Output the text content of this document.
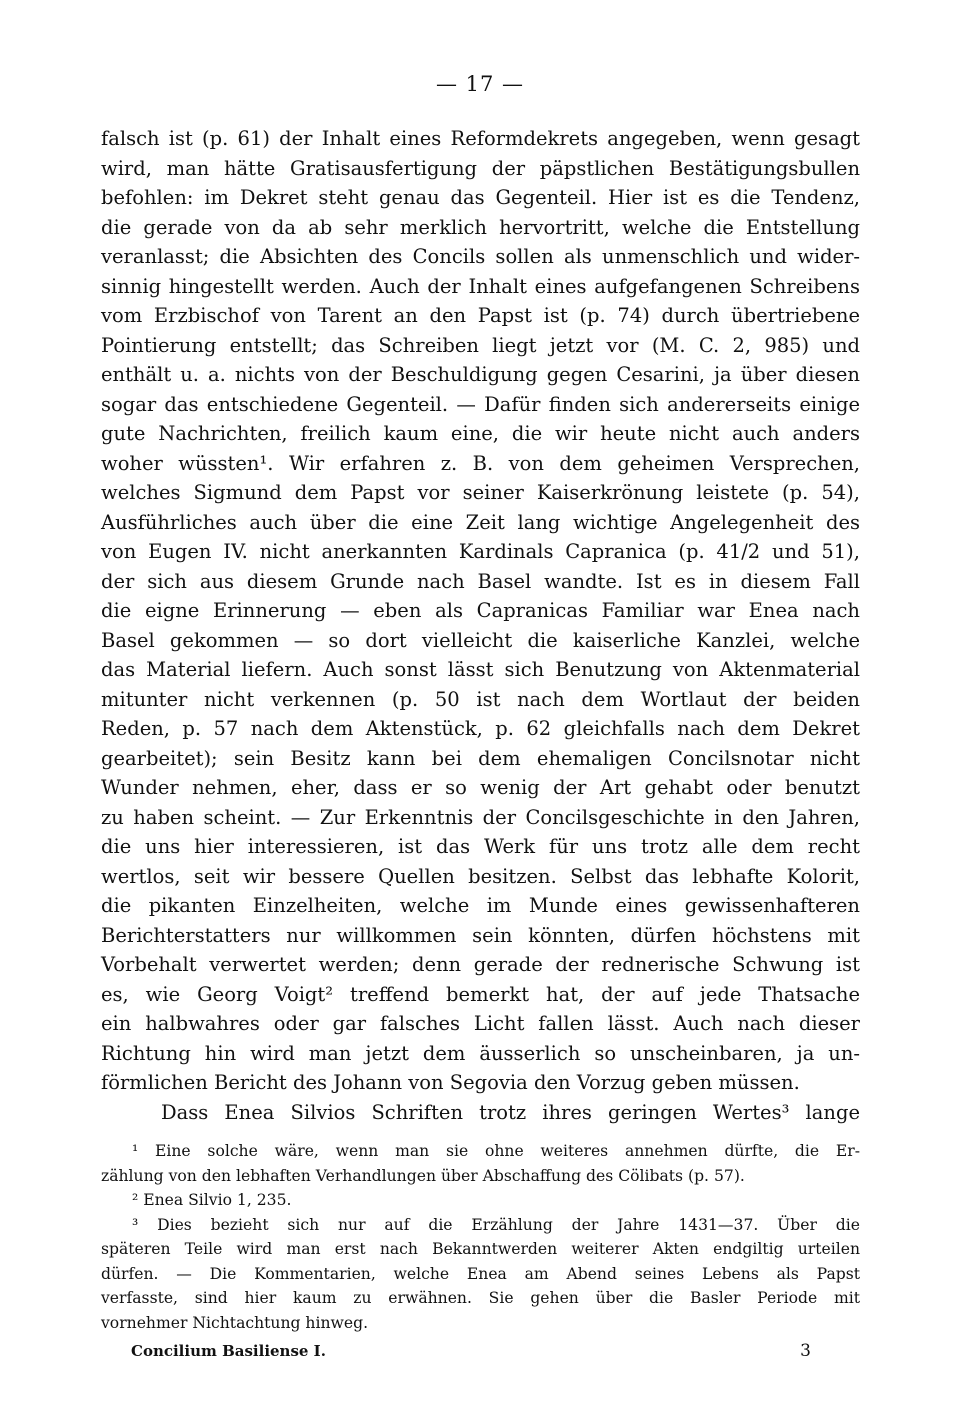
— 17 —
falsch ist (p. 61) der Inhalt eines Reformdekrets angegeben, wenn gesagt
wird, man hätte Gratisausfertigung der päpstlichen Bestätigungsbullen
befohlen: im Dekret steht genau das Gegenteil. Hier ist es die Tendenz,
die gerade von da ab sehr merklich hervortritt, welche die Entstellung
veranlasst; die Absichten des Concils sollen als unmenschlich und wider-
sinnig hingestellt werden. Auch der Inhalt eines aufgefangenen Schreibens
vom Erzbischof von Tarent an den Papst ist (p. 74) durch übertriebene
Pointierung entstellt; das Schreiben liegt jetzt vor (M. C. 2, 985) und
enthält u. a. nichts von der Beschuldigung gegen Cesarini, ja über diesen
sogar das entschiedene Gegenteil. — Dafür finden sich andererseits einige
gute Nachrichten, freilich kaum eine, die wir heute nicht auch anders
woher wüssten¹. Wir erfahren z. B. von dem geheimen Versprechen,
welches Sigmund dem Papst vor seiner Kaiserkrönung leistete (p. 54),
Ausführliches auch über die eine Zeit lang wichtige Angelegenheit des
von Eugen IV. nicht anerkannten Kardinals Capranica (p. 41/2 und 51),
der sich aus diesem Grunde nach Basel wandte. Ist es in diesem Fall
die eigne Erinnerung — eben als Capranicas Familiar war Enea nach
Basel gekommen — so dort vielleicht die kaiserliche Kanzlei, welche
das Material liefern. Auch sonst lässt sich Benutzung von Aktenmaterial
mitunter nicht verkennen (p. 50 ist nach dem Wortlaut der beiden
Reden, p. 57 nach dem Aktenstück, p. 62 gleichfalls nach dem Dekret
gearbeitet); sein Besitz kann bei dem ehemaligen Concilsnotar nicht
Wunder nehmen, eher, dass er so wenig der Art gehabt oder benutzt
zu haben scheint. — Zur Erkenntnis der Concilsgeschichte in den Jahren,
die uns hier interessieren, ist das Werk für uns trotz alle dem recht
wertlos, seit wir bessere Quellen besitzen. Selbst das lebhafte Kolorit,
die pikanten Einzelheiten, welche im Munde eines gewissenhafteren
Berichterstatters nur willkommen sein könnten, dürfen höchstens mit
Vorbehalt verwertet werden; denn gerade der rednerische Schwung ist
es, wie Georg Voigt² treffend bemerkt hat, der auf jede Thatsache
ein halbwahres oder gar falsches Licht fallen lässt. Auch nach dieser
Richtung hin wird man jetzt dem äusserlich so unscheinbaren, ja un-
förmlichen Bericht des Johann von Segovia den Vorzug geben müssen.
Dass Enea Silvios Schriften trotz ihres geringen Wertes³ lange
¹ Eine solche wäre, wenn man sie ohne weiteres annehmen dürfte, die Er-
zählung von den lebhaften Verhandlungen über Abschaffung des Cölibats (p. 57).
² Enea Silvio 1, 235.
³ Dies bezieht sich nur auf die Erzählung der Jahre 1431—37. Über die
späteren Teile wird man erst nach Bekanntwerden weiterer Akten endgiltig urteilen
dürfen. — Die Kommentarien, welche Enea am Abend seines Lebens als Papst
verfasste, sind hier kaum zu erwähnen. Sie gehen über die Basler Periode mit
vornehmer Nichtachtung hinweg.
Concilium Basiliense I.	3
